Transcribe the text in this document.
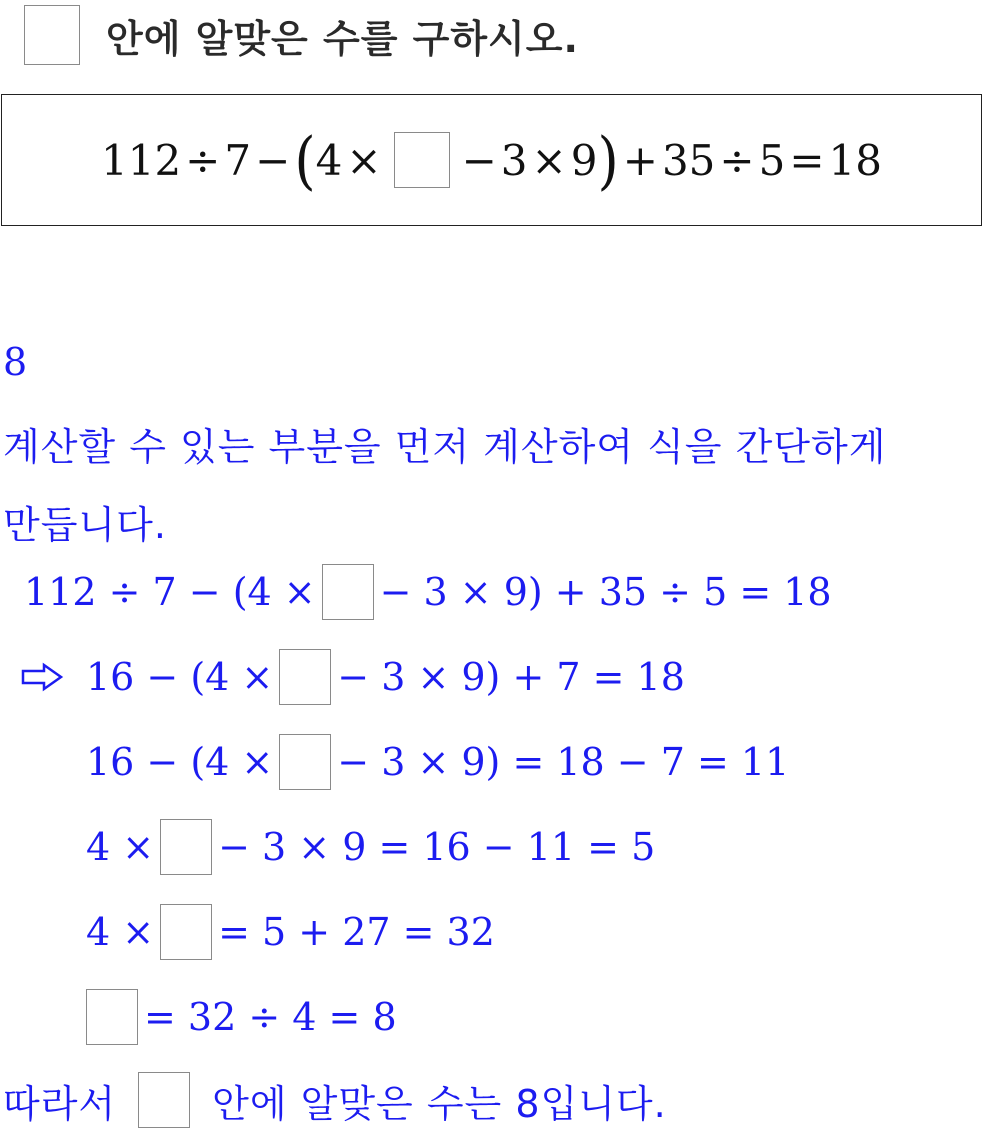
안에 알맞은 수를 구하시오.
112 ÷ 7 − ( 4 × − 3 × 9 ) + 35 ÷ 5 = 18
8
계산할 수 있는 부분을 먼저 계산하여 식을 간단하게
만듭니다.
112 ÷ 7 − (4 × − 3 × 9) + 35 ÷ 5 = 18
16 − (4 × − 3 × 9) + 7 = 18
16 − (4 × − 3 × 9) = 18 − 7 = 11
4 × − 3 × 9 = 16 − 11 = 5
4 × = 5 + 27 = 32
= 32 ÷ 4 = 8
따라서	안에 알맞은 수는 8입니다.
